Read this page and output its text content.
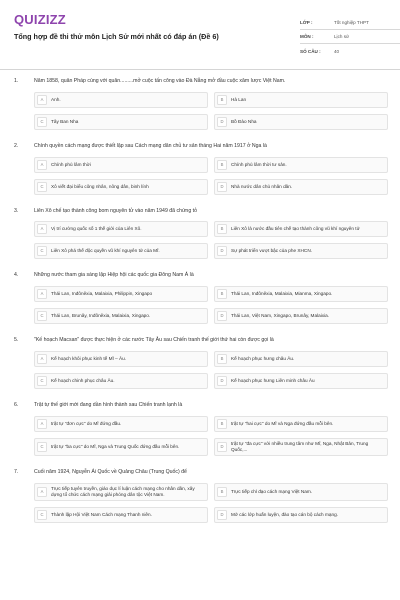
QUIZIZZ
Tổng hợp đề thi thử môn Lịch Sử mới nhất có đáp án (Đề 6)
LỚP :	Tốt nghiệp THPT
MÔN :	Lịch sử
SỐ CÂU :	40
1.	Năm 1858, quân Pháp cùng với quân.........mở cuộc tấn công vào Đà Nẵng mở đầu cuộc xâm lược Việt Nam.
A	Anh.	B	Hà Lan
C	Tây Ban Nha	D	Bồ Đào Nha
2.	Chính quyền cách mạng được thiết lập sau Cách mạng dân chủ tư sản tháng Hai năm 1917 ở Nga là
A	Chính phủ lâm thời	B	Chính phủ lâm thời tư sản.
C	Xô viết đại biểu công nhân, nông dân, binh lính	D	Nhà nước dân chủ nhân dân.
3.	Liên Xô chế tạo thành công bom nguyên tử vào năm 1949 đã chứng tỏ
A	Vị trí cường quốc số 1 thế giới của Liên Xô.	B	Liên Xô là nước đầu tiên chế tạo thành công vũ khí nguyên tử
C	Liên Xô phá thế độc quyền vũ khí nguyên tử của Mĩ.	D	Sự phát triển vượt bậc của phe XHCN.
4.	Những nước tham gia sáng lập Hiệp hội các quốc gia Đông Nam Á là
A	Thái Lan, Inđônêxia, Malaixia, Philippin, Xingapo	B	Thái Lan, Inđônêxia, Malaixia, Mianma, Xingapo.
C	Thái Lan, Brunây, Inđônêxia, Malaixia, Xingapo.	D	Thái Lan, Việt Nam, Xingapo, Brunây, Malaixia.
5.	"Kế hoạch Macsan" được thực hiện ở các nước Tây Âu sau Chiến tranh thế giới thứ hai còn được gọi là
A	Kế hoạch khôi phục kinh tế Mĩ – Âu.	B	Kế hoạch phục hưng châu Âu.
C	Kế hoạch chinh phục châu Âu.	D	Kế hoạch phục hưng Liên minh châu Âu
6.	Trật tự thế giới mới đang dần hình thành sau Chiến tranh lạnh là
A	trật tự "đơn cực" do Mĩ đứng đầu.	B	trật tự "hai cực" do Mĩ và Nga đứng đầu mỗi bên.
C	trật tự "ba cực" do Mĩ, Nga và Trung Quốc đứng đầu mỗi bên.	D
trật tự "đa cực" với nhiều trung tâm như Mĩ, Nga, Nhật Bản, Trung Quốc,...
7.	Cuối năm 1924, Nguyễn Ái Quốc về Quảng Châu (Trung Quốc) để
A
Trực tiếp tuyên truyền, giáo dục lí luận cách mạng cho nhân dân, xây dựng tổ chức cách mạng giải phóng dân tộc Việt Nam.
B	Trực tiếp chỉ đạo cách mạng Việt Nam.
C	Thành lập Hội Việt Nam Cách mạng Thanh niên.	D	Mở các lớp huấn luyện, đào tạo cán bộ cách mạng.
